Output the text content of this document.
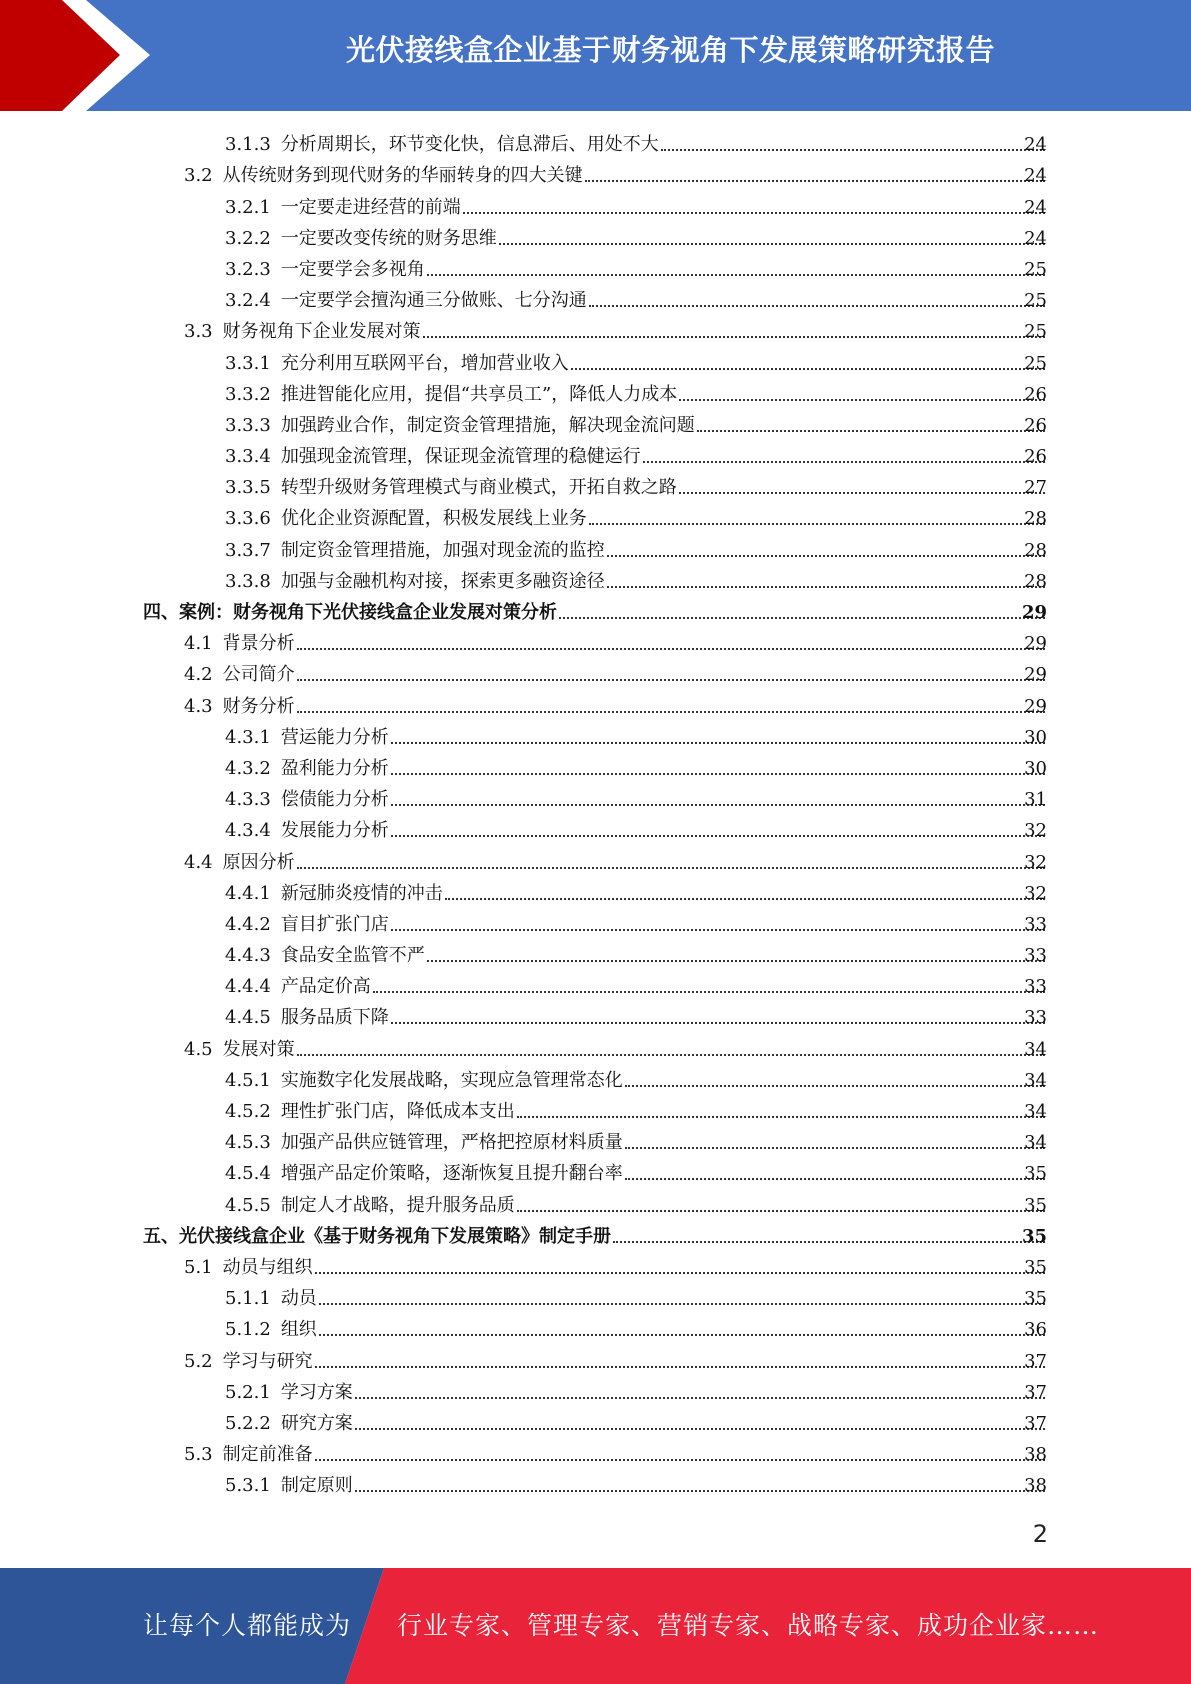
光伏接线盒企业基于财务视角下发展策略研究报告
3.1.3 分析周期长，环节变化快，信息滞后、用处不大	24
3.2 从传统财务到现代财务的华丽转身的四大关键	24
3.2.1 一定要走进经营的前端	24
3.2.2 一定要改变传统的财务思维	24
3.2.3 一定要学会多视角	25
3.2.4 一定要学会擅沟通三分做账、七分沟通	25
3.3 财务视角下企业发展对策	25
3.3.1 充分利用互联网平台，增加营业收入	25
3.3.2 推进智能化应用，提倡“共享员工”，降低人力成本	26
3.3.3 加强跨业合作，制定资金管理措施，解决现金流问题	26
3.3.4 加强现金流管理，保证现金流管理的稳健运行	26
3.3.5 转型升级财务管理模式与商业模式，开拓自救之路	27
3.3.6 优化企业资源配置，积极发展线上业务	28
3.3.7 制定资金管理措施，加强对现金流的监控	28
3.3.8 加强与金融机构对接，探索更多融资途径	28
四、案例：财务视角下光伏接线盒企业发展对策分析	29
4.1 背景分析	29
4.2 公司简介	29
4.3 财务分析	29
4.3.1 营运能力分析	30
4.3.2 盈利能力分析	30
4.3.3 偿债能力分析	31
4.3.4 发展能力分析	32
4.4 原因分析	32
4.4.1 新冠肺炎疫情的冲击	32
4.4.2 盲目扩张门店	33
4.4.3 食品安全监管不严	33
4.4.4 产品定价高	33
4.4.5 服务品质下降	33
4.5 发展对策	34
4.5.1 实施数字化发展战略，实现应急管理常态化	34
4.5.2 理性扩张门店，降低成本支出	34
4.5.3 加强产品供应链管理，严格把控原材料质量	34
4.5.4 增强产品定价策略，逐渐恢复且提升翻台率	35
4.5.5 制定人才战略，提升服务品质	35
五、光伏接线盒企业《基于财务视角下发展策略》制定手册	35
5.1 动员与组织	35
5.1.1 动员	35
5.1.2 组织	36
5.2 学习与研究	37
5.2.1 学习方案	37
5.2.2 研究方案	37
5.3 制定前准备	38
5.3.1 制定原则	38
2
让每个人都能成为 行业专家、管理专家、营销专家、战略专家、成功企业家……
